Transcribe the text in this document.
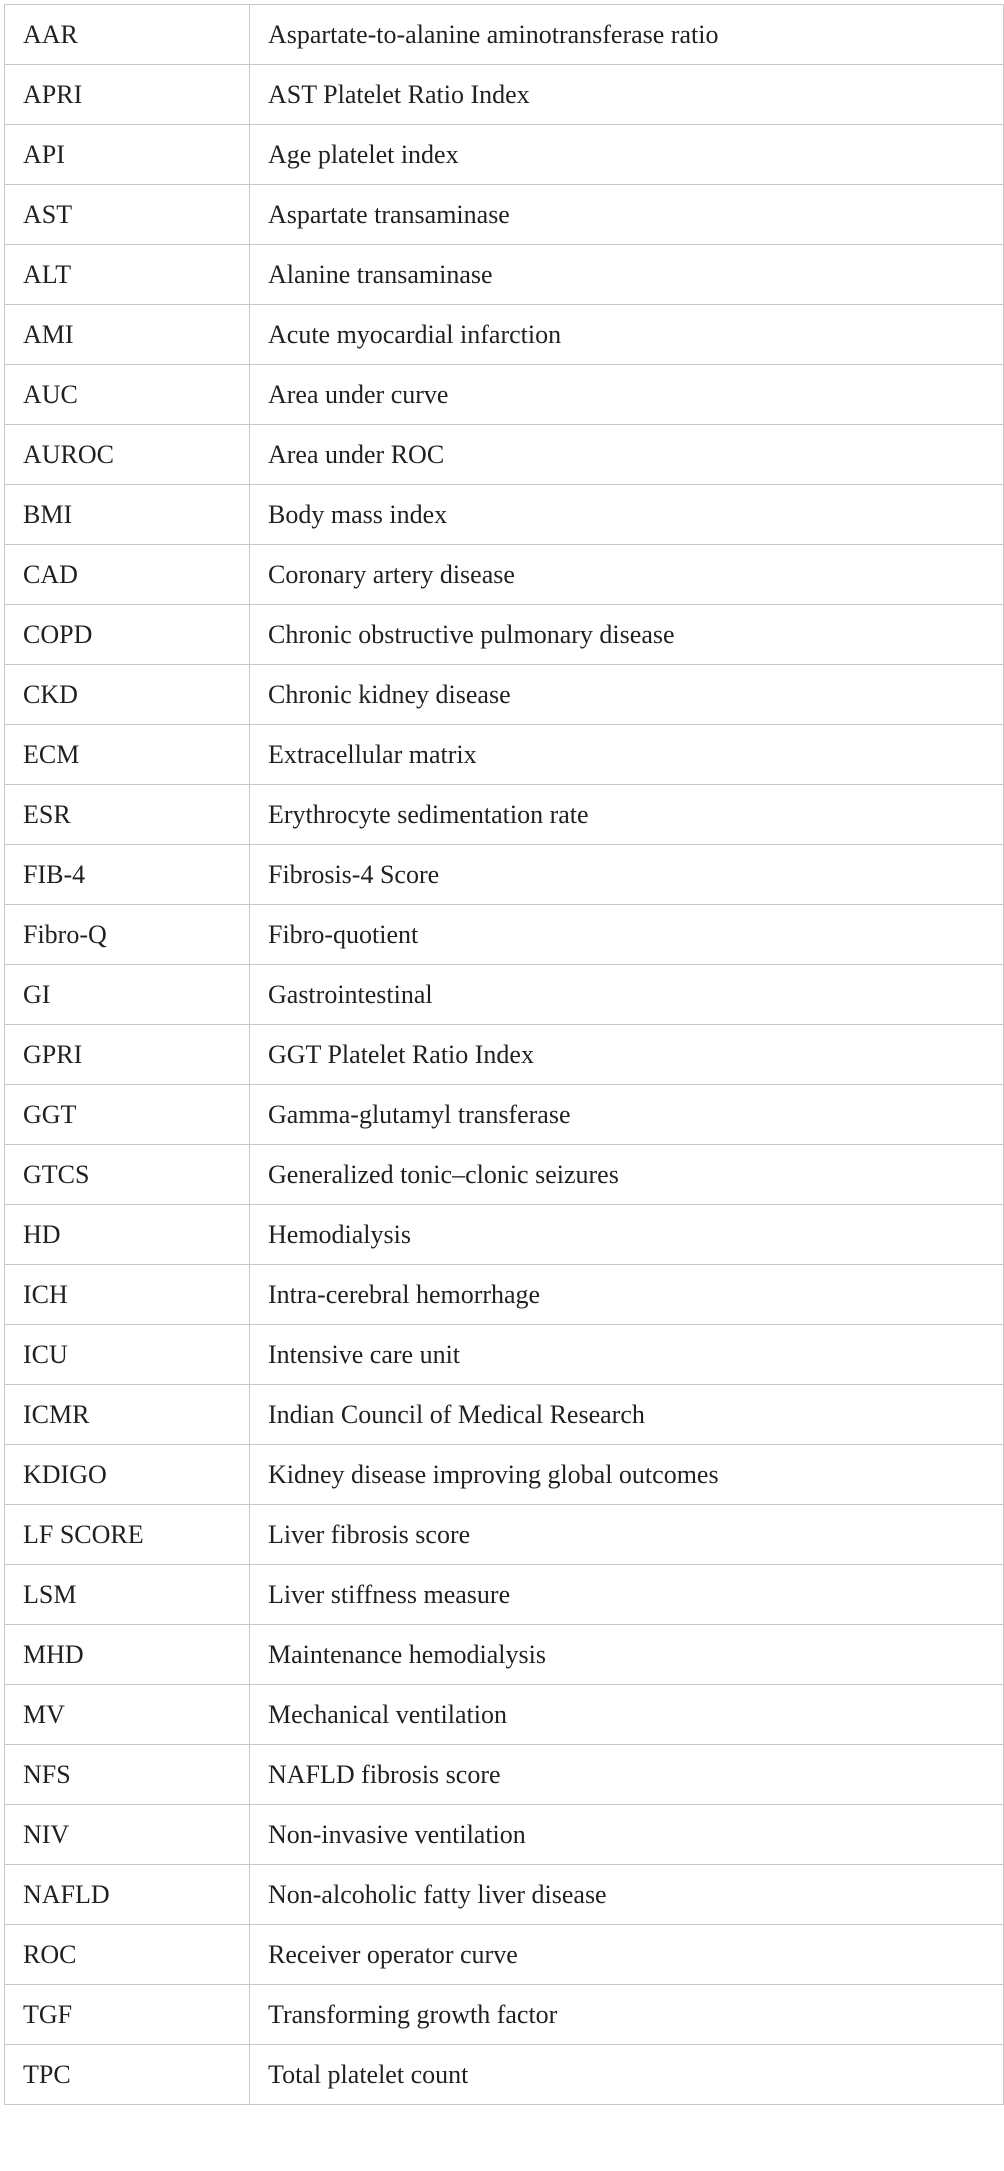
AAR	Aspartate-to-alanine aminotransferase ratio
APRI	AST Platelet Ratio Index
API	Age platelet index
AST	Aspartate transaminase
ALT	Alanine transaminase
AMI	Acute myocardial infarction
AUC	Area under curve
AUROC	Area under ROC
BMI	Body mass index
CAD	Coronary artery disease
COPD	Chronic obstructive pulmonary disease
CKD	Chronic kidney disease
ECM	Extracellular matrix
ESR	Erythrocyte sedimentation rate
FIB-4	Fibrosis-4 Score
Fibro-Q	Fibro-quotient
GI	Gastrointestinal
GPRI	GGT Platelet Ratio Index
GGT	Gamma-glutamyl transferase
GTCS	Generalized tonic–clonic seizures
HD	Hemodialysis
ICH	Intra-cerebral hemorrhage
ICU	Intensive care unit
ICMR	Indian Council of Medical Research
KDIGO	Kidney disease improving global outcomes
LF SCORE	Liver fibrosis score
LSM	Liver stiffness measure
MHD	Maintenance hemodialysis
MV	Mechanical ventilation
NFS	NAFLD fibrosis score
NIV	Non-invasive ventilation
NAFLD	Non-alcoholic fatty liver disease
ROC	Receiver operator curve
TGF	Transforming growth factor
TPC	Total platelet count
